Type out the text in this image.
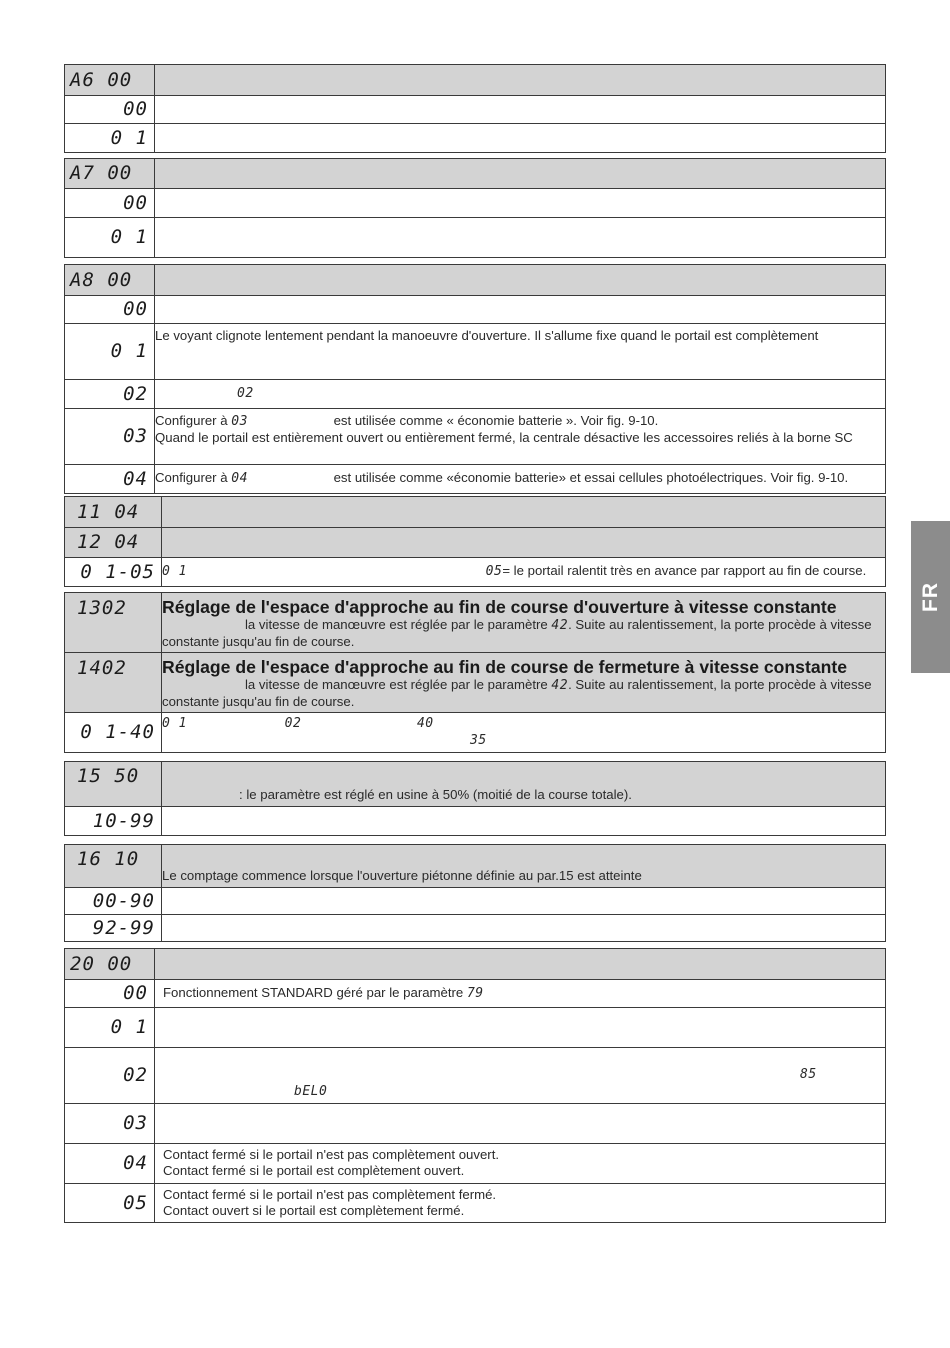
A6 00	
00	
0 1	
A7 00	
00	
0 1	
A8 00	
00	
0 1	Le voyant clignote lentement pendant la manoeuvre d'ouverture. Il s'allume fixe quand le portail est complètement
02	02
03	Configurer à 03 est utilisée comme « économie batterie ». Voir fig. 9-10.
Quand le portail est entièrement ouvert ou entièrement fermé, la centrale désactive les accessoires reliés à la borne SC
04	Configurer à 04 est utilisée comme «économie batterie» et essai cellules photoélectriques. Voir fig. 9-10.
11 04	
12 04	
0 1-05	0 1 05= le portail ralentit très en avance par rapport au fin de course.
1302	Réglage de l'espace d'approche au fin de course d'ouverture à vitesse constante
la vitesse de manœuvre est réglée par le paramètre 42. Suite au ralentissement, la porte procède à vitesse
constante jusqu'au fin de course.
1402	Réglage de l'espace d'approche au fin de course de fermeture à vitesse constante
la vitesse de manœuvre est réglée par le paramètre 42. Suite au ralentissement, la porte procède à vitesse
constante jusqu'au fin de course.
0 1-40	0 1 02 40
35
15 50	: le paramètre est réglé en usine à 50% (moitié de la course totale).
10-99	
16 10	Le comptage commence lorsque l'ouverture piétonne définie au par.15 est atteinte
00-90	
92-99	
20 00	
00	Fonctionnement STANDARD géré par le paramètre 79
0 1	
02	85
bEL0
03	
04	Contact fermé si le portail n'est pas complètement ouvert.
Contact fermé si le portail est complètement ouvert.
05	Contact fermé si le portail n'est pas complètement fermé.
Contact ouvert si le portail est complètement fermé.
FR
